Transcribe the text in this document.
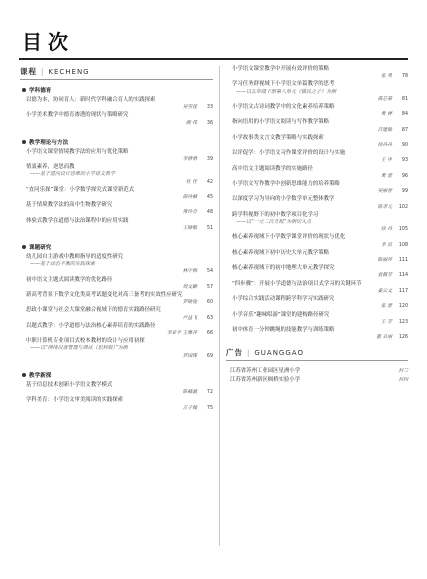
目次
课程 | KECHENG
学科德育
以德为本，协同育人：新时代学科融合育人的实践探索
吴雪莲	33
小学美术教学中德育渗透的现状与策略研究
颜 伟	36
教学理论与方法
小学语文课堂情境教学法的应用与优化策略
李倩倩	39
情衷素养，逆思而教
——基于逆向设计思维的小学语文教学
杜 佳	42
“直问乐探”课堂：小学数学探究式课堂新范式
邵丹楠	45
基于情境教学法的高中生物教学研究
常玲奇	48
体验式教学在道德与法治课程中的应用实践
王晓敏	51
课题研究
幼儿园自主游戏中教师指导的适度性研究
——基于动态平衡的实践探索
林宇梅	54
初中语文主题式阅读教学的优化路径
周文勤	57
新高考背景下数学文化类高考试题变化对高三备考的实效性应研究
罗晓俊	60
思政小课堂与社会大课堂融合视域下的德育实践路径研究
卢益飞	63
以题式教学：小学道德与法治核心素养培育的实践路径
李亚平 王雅萍	66
中职计算机专业项目式校本教材的设计与应用初探
——以“网络设备管理与调试（思科版）”为例
罗国琛	69
教学新探
基于信息技术创新小学语文教学模式
陈楠菡	72
学科美育：小学语文审美阅读的实践探索
万子翰	75
小学语文课堂教学中开展有效评价的策略
张 昊	78
学习任务群视域下小学语文单篇教学的思考
——以五年级下册第八单元《猫民之子》为例
高芯棠	81
小学语文古诗词教学中的文化素养培养策略
黄 婷	84
指向语用的小学语文阅读与写作教学策略
吕建敏	87
小学故事类文言文教学策略与实践探索
徐丹丹	90
以评促学：小学语文习作课堂评价的设计与实施
王 申	93
高中语文主题阅读教学的实施路径
黄 蕾	96
小学语文写作教学中创新思维能力的培养策略
吴丽春	99
以深度学习为导向的小学数学单元整体教学
陈孝元 102
跨学科视野下的初中数学项目化学习
——以“一元二次方程”为例切入点
徐 丹 105
核心素养视域下小学数学课堂评价的现状与优化
李 洁 108
核心素养视域下初中历史大单元教学策略
陈丽萍 111
核心素养视域下的初中地理大单元教学探究
袁佩芳 114
“四步骤”：开展小学道德与法治项目式学习的关键环节
姜云文 117
小学综合实践活动课程跨学科学习实践研究
张 蕾 120
小学音乐“趣味唱游”课堂的建构路径研究
王 芳 123
初中体育一分钟跳绳的技能教学与训练策略
董 丑丽 126
广告 | GUANGGAO
江苏省苏州工业园区星洲小学	封三
江苏省苏州新区枫桥实验小学	封四
